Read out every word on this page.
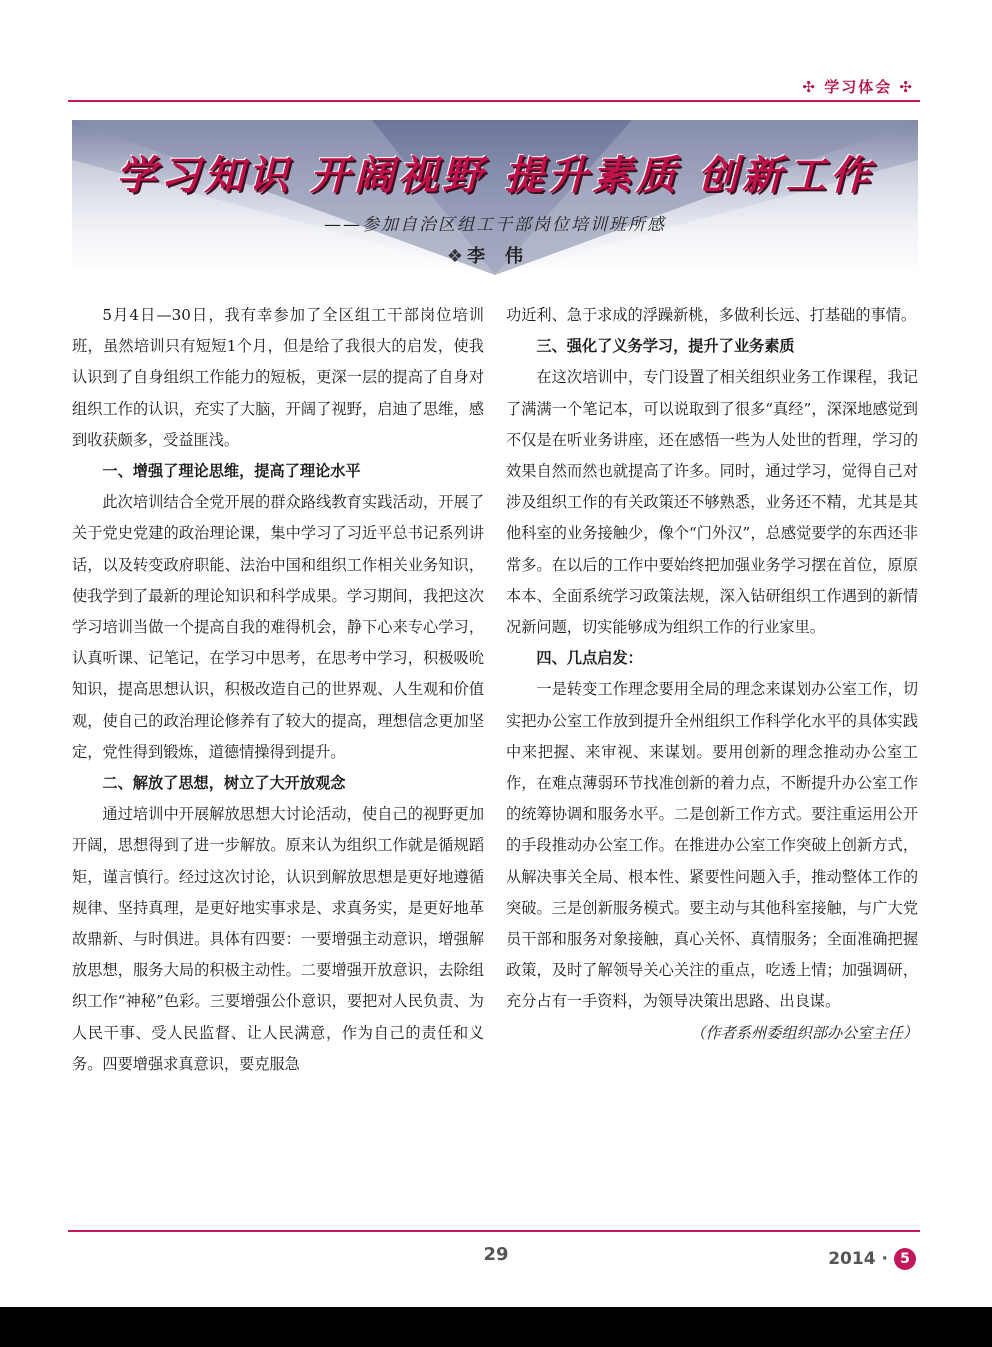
✣ 学习体会 ✣
学习知识 开阔视野 提升素质 创新工作
——参加自治区组工干部岗位培训班所感
❖ 李伟

5月4日—30日，我有幸参加了全区组工干部岗位培训班，虽然培训只有短短1个月，但是给了我很大的启发，使我认识到了自身组织工作能力的短板，更深一层的提高了自身对组织工作的认识，充实了大脑，开阔了视野，启迪了思维，感到收获颇多，受益匪浅。

一、增强了理论思维，提高了理论水平

此次培训结合全党开展的群众路线教育实践活动，开展了关于党史党建的政治理论课，集中学习了习近平总书记系列讲话，以及转变政府职能、法治中国和组织工作相关业务知识，使我学到了最新的理论知识和科学成果。学习期间，我把这次学习培训当做一个提高自我的难得机会，静下心来专心学习，认真听课、记笔记，在学习中思考，在思考中学习，积极吸吮知识，提高思想认识，积极改造自己的世界观、人生观和价值观，使自己的政治理论修养有了较大的提高，理想信念更加坚定，党性得到锻炼，道德情操得到提升。

二、解放了思想，树立了大开放观念

通过培训中开展解放思想大讨论活动，使自己的视野更加开阔，思想得到了进一步解放。原来认为组织工作就是循规蹈矩，谨言慎行。经过这次讨论，认识到解放思想是更好地遵循规律、坚持真理，是更好地实事求是、求真务实，是更好地革故鼎新、与时俱进。具体有四要：一要增强主动意识，增强解放思想，服务大局的积极主动性。二要增强开放意识，去除组织工作“神秘”色彩。三要增强公仆意识，要把对人民负责、为人民干事、受人民监督、让人民满意，作为自己的责任和义务。四要增强求真意识，要克服急

功近利、急于求成的浮躁新桃，多做利长远、打基础的事情。

三、强化了义务学习，提升了业务素质

在这次培训中，专门设置了相关组织业务工作课程，我记了满满一个笔记本，可以说取到了很多“真经”，深深地感觉到不仅是在听业务讲座，还在感悟一些为人处世的哲理，学习的效果自然而然也就提高了许多。同时，通过学习，觉得自己对涉及组织工作的有关政策还不够熟悉，业务还不精，尤其是其他科室的业务接触少，像个“门外汉”，总感觉要学的东西还非常多。在以后的工作中要始终把加强业务学习摆在首位，原原本本、全面系统学习政策法规，深入钻研组织工作遇到的新情况新问题，切实能够成为组织工作的行业家里。

四、几点启发：

一是转变工作理念要用全局的理念来谋划办公室工作，切实把办公室工作放到提升全州组织工作科学化水平的具体实践中来把握、来审视、来谋划。要用创新的理念推动办公室工作，在难点薄弱环节找准创新的着力点，不断提升办公室工作的统筹协调和服务水平。二是创新工作方式。要注重运用公开的手段推动办公室工作。在推进办公室工作突破上创新方式，从解决事关全局、根本性、紧要性问题入手，推动整体工作的突破。三是创新服务模式。要主动与其他科室接触，与广大党员干部和服务对象接触，真心关怀、真情服务；全面准确把握政策，及时了解领导关心关注的重点，吃透上情；加强调研，充分占有一手资料，为领导决策出思路、出良谋。

（作者系州委组织部办公室主任）

29	2014 · 5
